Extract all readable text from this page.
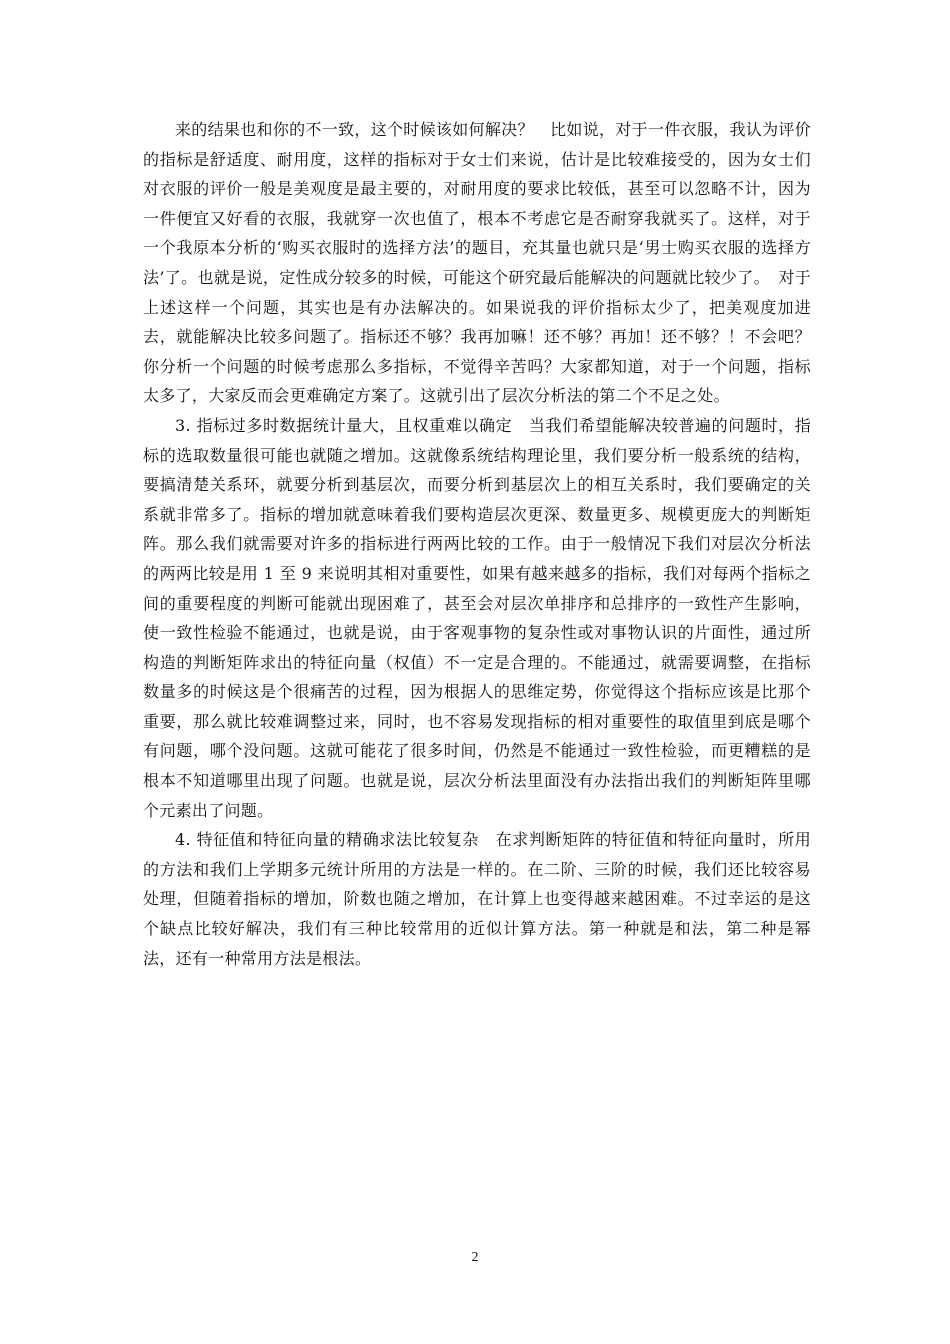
来的结果也和你的不一致，这个时候该如何解决？　比如说，对于一件衣服，我认为评价的指标是舒适度、耐用度，这样的指标对于女士们来说，估计是比较难接受的，因为女士们对衣服的评价一般是美观度是最主要的，对耐用度的要求比较低，甚至可以忽略不计，因为一件便宜又好看的衣服，我就穿一次也值了，根本不考虑它是否耐穿我就买了。这样，对于一个我原本分析的‘购买衣服时的选择方法’的题目，充其量也就只是‘男士购买衣服的选择方法’了。也就是说，定性成分较多的时候，可能这个研究最后能解决的问题就比较少了。　对于上述这样一个问题，其实也是有办法解决的。如果说我的评价指标太少了，把美观度加进去，就能解决比较多问题了。指标还不够？我再加嘛！还不够？再加！还不够？！不会吧？你分析一个问题的时候考虑那么多指标，不觉得辛苦吗？大家都知道，对于一个问题，指标太多了，大家反而会更难确定方案了。这就引出了层次分析法的第二个不足之处。

3. 指标过多时数据统计量大，且权重难以确定　当我们希望能解决较普遍的问题时，指标的选取数量很可能也就随之增加。这就像系统结构理论里，我们要分析一般系统的结构，要搞清楚关系环，就要分析到基层次，而要分析到基层次上的相互关系时，我们要确定的关系就非常多了。指标的增加就意味着我们要构造层次更深、数量更多、规模更庞大的判断矩阵。那么我们就需要对许多的指标进行两两比较的工作。由于一般情况下我们对层次分析法的两两比较是用 1 至 9 来说明其相对重要性，如果有越来越多的指标，我们对每两个指标之间的重要程度的判断可能就出现困难了，甚至会对层次单排序和总排序的一致性产生影响，使一致性检验不能通过，也就是说，由于客观事物的复杂性或对事物认识的片面性，通过所构造的判断矩阵求出的特征向量（权值）不一定是合理的。不能通过，就需要调整，在指标数量多的时候这是个很痛苦的过程，因为根据人的思维定势，你觉得这个指标应该是比那个重要，那么就比较难调整过来，同时，也不容易发现指标的相对重要性的取值里到底是哪个有问题，哪个没问题。这就可能花了很多时间，仍然是不能通过一致性检验，而更糟糕的是根本不知道哪里出现了问题。也就是说，层次分析法里面没有办法指出我们的判断矩阵里哪个元素出了问题。

4. 特征值和特征向量的精确求法比较复杂　在求判断矩阵的特征值和特征向量时，所用的方法和我们上学期多元统计所用的方法是一样的。在二阶、三阶的时候，我们还比较容易处理，但随着指标的增加，阶数也随之增加，在计算上也变得越来越困难。不过幸运的是这个缺点比较好解决，我们有三种比较常用的近似计算方法。第一种就是和法，第二种是幂法，还有一种常用方法是根法。

2
